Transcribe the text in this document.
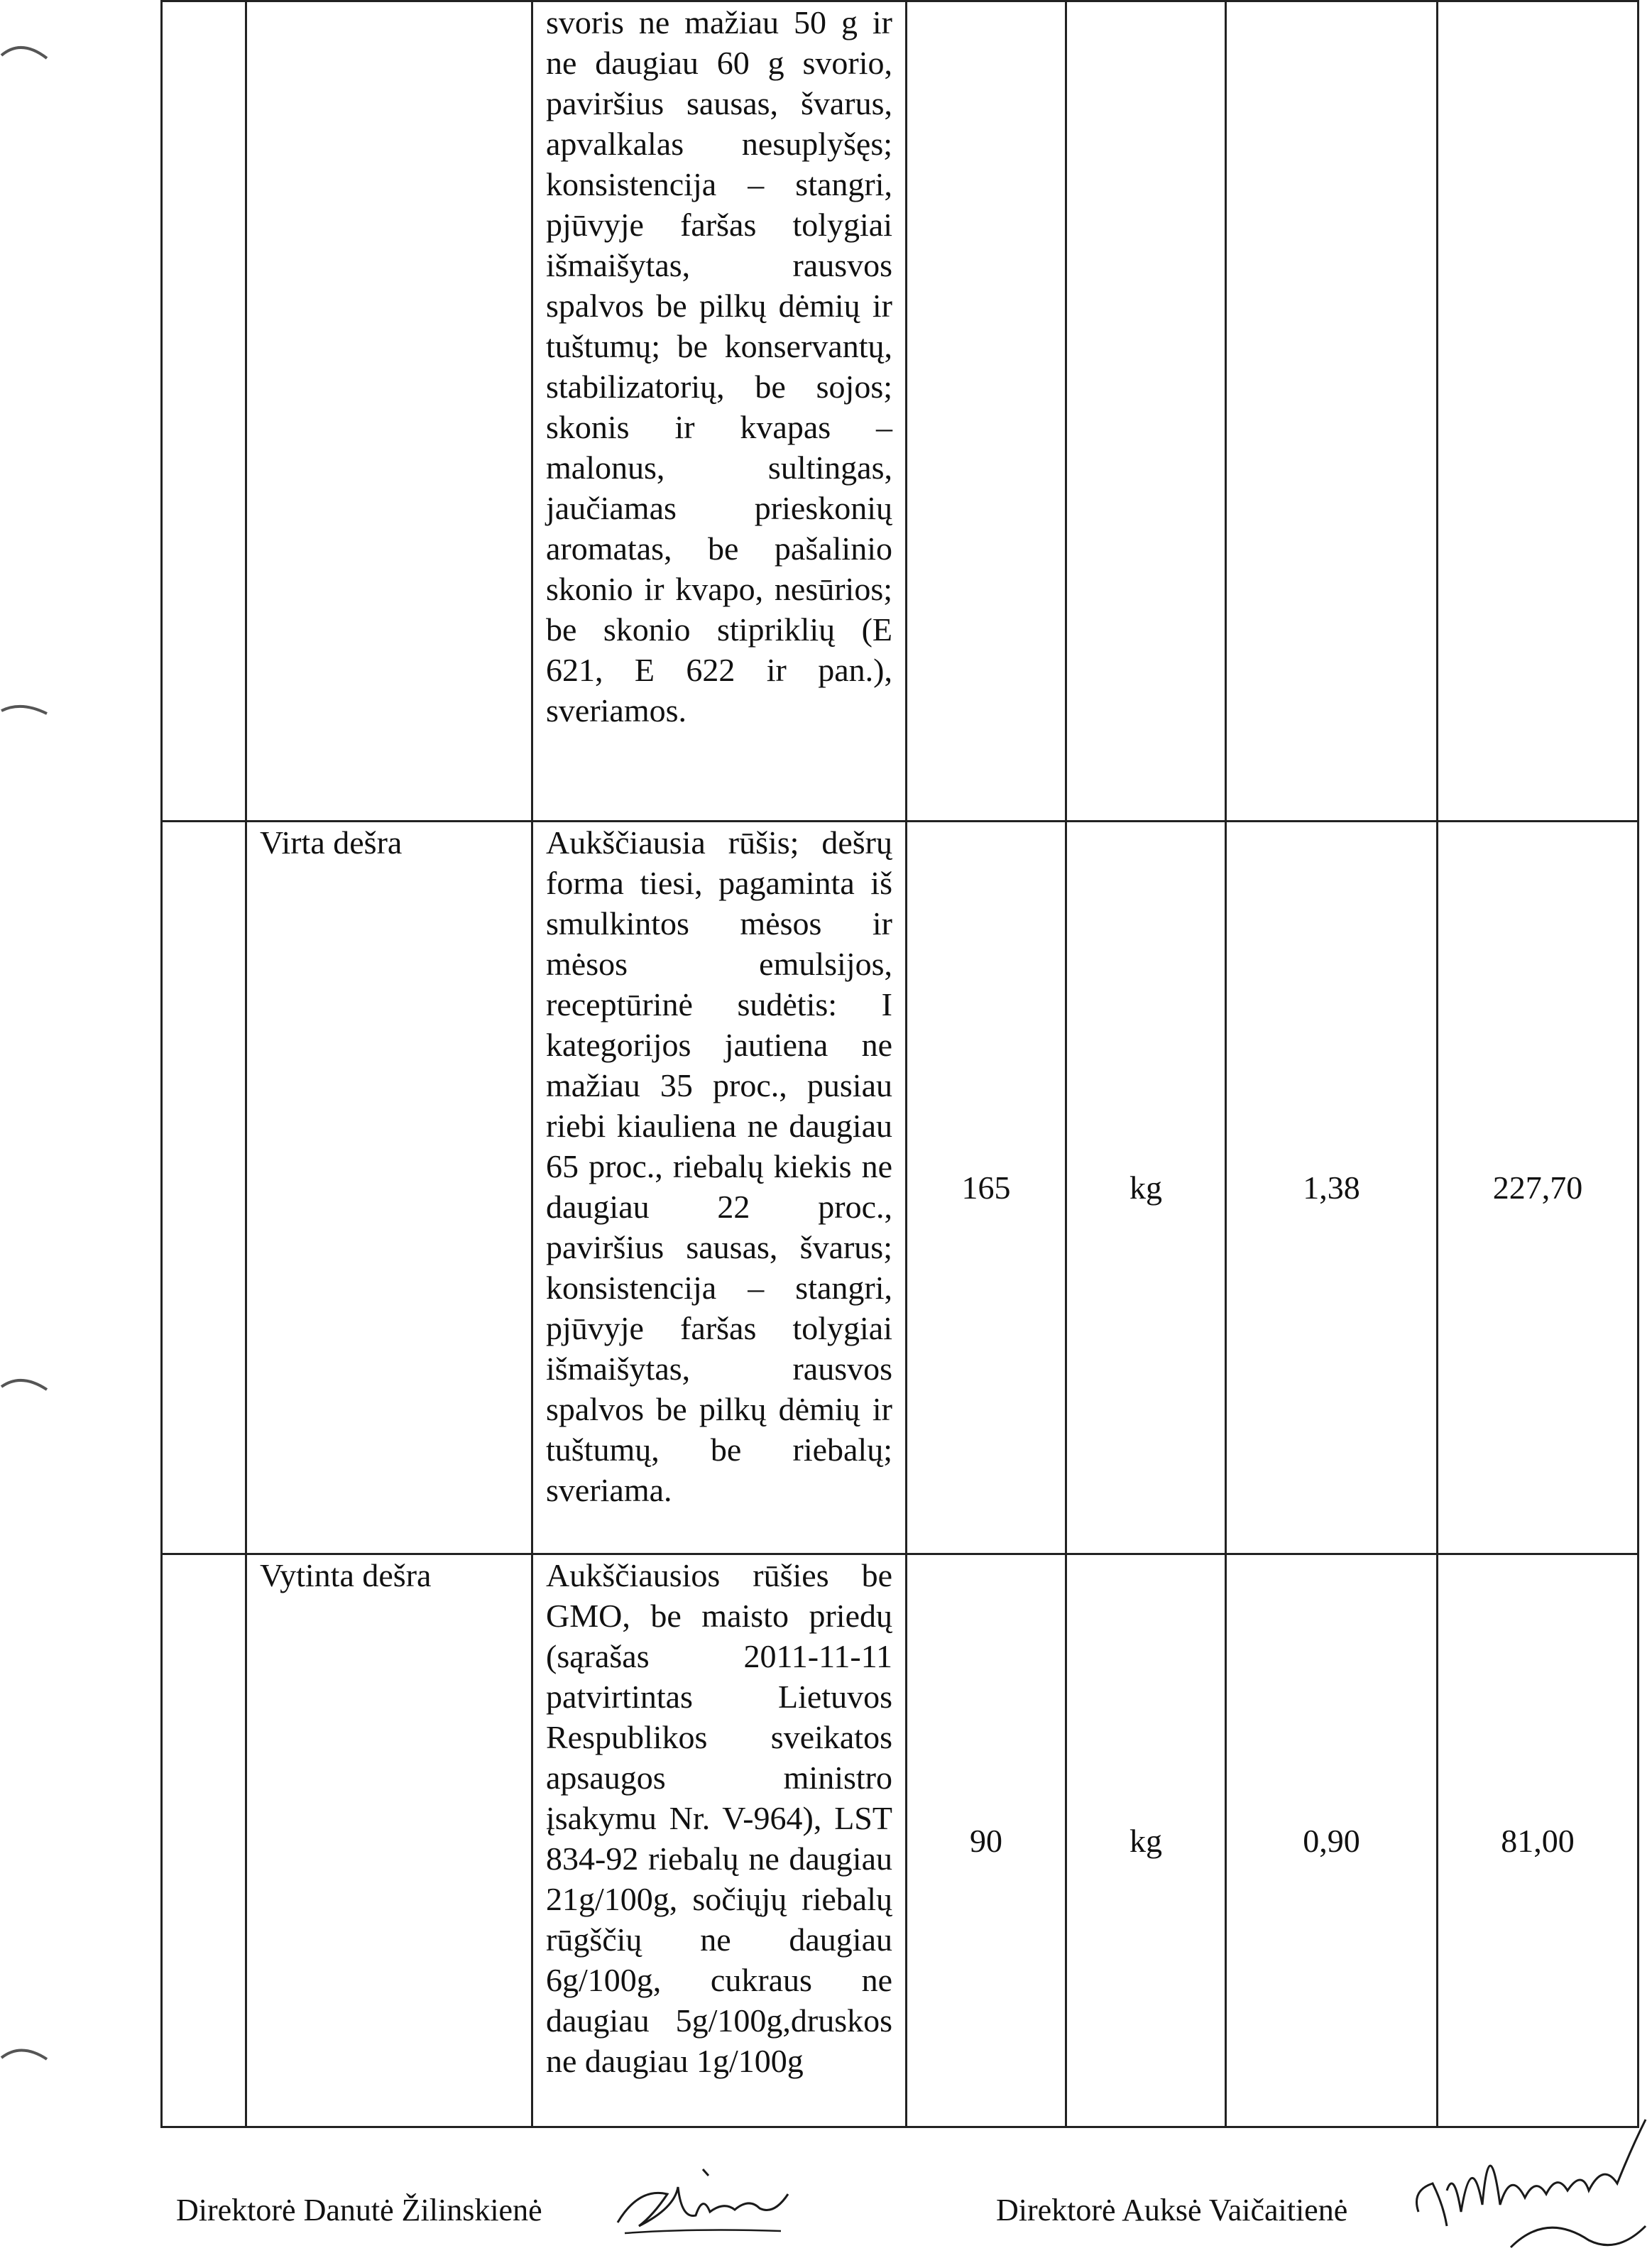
		svoris ne mažiau 50 g ir ne daugiau 60 g svorio, paviršius sausas, švarus, apvalkalas nesuplyšęs; konsistencija – stangri, pjūvyje faršas tolygiai išmaišytas, rausvos spalvos be pilkų dėmių ir tuštumų; be konservantų, stabilizatorių, be sojos; skonis ir kvapas – malonus, sultingas, jaučiamas prieskonių aromatas, be pašalinio skonio ir kvapo, nesūrios; be skonio stipriklių (E 621, E 622 ir pan.), sveriamos.				
	Virta dešra	Aukščiausia rūšis; dešrų forma tiesi, pagaminta iš smulkintos mėsos ir mėsos emulsijos, receptūrinė sudėtis: I kategorijos jautiena ne mažiau 35 proc., pusiau riebi kiauliena ne daugiau 65 proc., riebalų kiekis ne daugiau 22 proc., paviršius sausas, švarus; konsistencija – stangri, pjūvyje faršas tolygiai išmaišytas, rausvos spalvos be pilkų dėmių ir tuštumų, be riebalų; sveriama.	165	kg	1,38	227,70
	Vytinta dešra	Aukščiausios rūšies be GMO, be maisto priedų (sąrašas 2011-11-11 patvirtintas Lietuvos Respublikos sveikatos apsaugos ministro įsakymu Nr. V-964), LST 834-92 riebalų ne daugiau 21g/100g, sočiųjų riebalų rūgščių ne daugiau 6g/100g, cukraus ne daugiau 5g/100g,druskos ne daugiau 1g/100g	90	kg	0,90	81,00
Direktorė Danutė Žilinskienė	Direktorė Auksė Vaičaitienė
